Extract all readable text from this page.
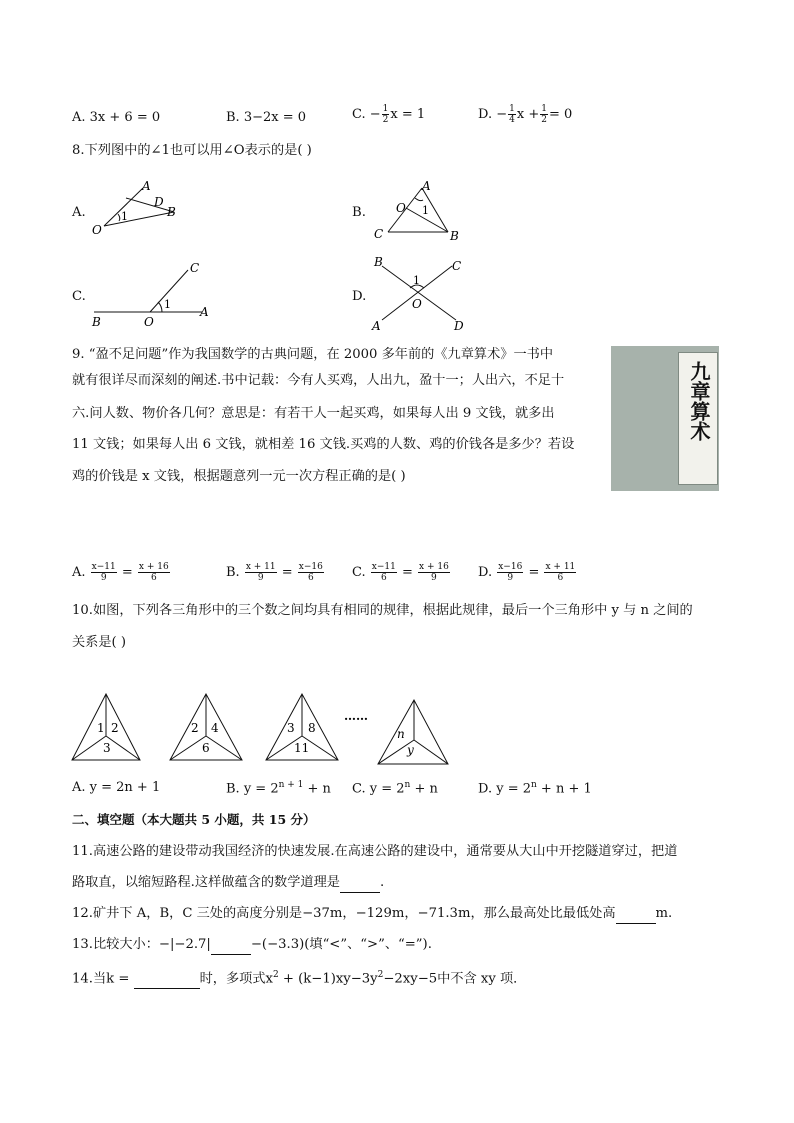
A. 3x + 6 = 0	B. 3−2x = 0	C. − $\frac{1}{2}$ x = 1	D. − $\frac{1}{4}$ $x + \frac{1}{2} = 0$
8.下列图中的∠1也可以用∠O表示的是( )
A.	B.
C.	D.
O
A
D
B
1
A
O
C	B
1
C
1
B	O
A
B	C
1
O
A	D
9. “盈不足问题”作为我国数学的古典问题，在 2000 多年前的《九章算术》一书中
就有很详尽而深刻的阐述.书中记载：今有人买鸡，人出九，盈十一；人出六，不足十
六.问人数、物价各几何？意思是：有若干人一起买鸡，如果每人出 9 文钱，就多出
11 文钱；如果每人出 6 文钱，就相差 16 文钱.买鸡的人数、鸡的价钱各是多少？若设
鸡的价钱是 x 文钱，根据题意列一元一次方程正确的是( )
九章算术
A. $\frac{x-11}{9} = \frac{x + 16}{6}$	B. $\frac{x + 11}{9} = \frac{x-16}{6} C$. $\frac{x-11}{6} = \frac{x + 16}{9} D$. $\frac{x-16}{9} = \frac{x + 11}{6}$
10.如图，下列各三角形中的三个数之间均具有相同的规律，根据此规律，最后一个三角形中 y 与 n 之间的
关系是( )
1 2
3
2 4
6
3 8
11
……
n
y
A. y = 2n + 1	B. $y = 2^{n + 1} + n$ C. $y = 2^n + n$	D. $y = 2^n + n + 1$
二、填空题（本大题共 5 小题，共 15 分）
11.高速公路的建设带动我国经济的快速发展.在高速公路的建设中，通常要从大山中开挖隧道穿过，把道
路取直，以缩短路程.这样做蕴含的数学道理是	.
12.矿井下 A，B，C 三处的高度分别是−37m，−129m，−71.3m，那么最高处比最低处高	m.
13.比较大小：−|−2.7|	−(−3.3)(填“<”、“>”、“=”).
14.当k =	时，多项式$x^2 + (k-1)xy-3y^2-2xy-5$中不含 xy 项．
